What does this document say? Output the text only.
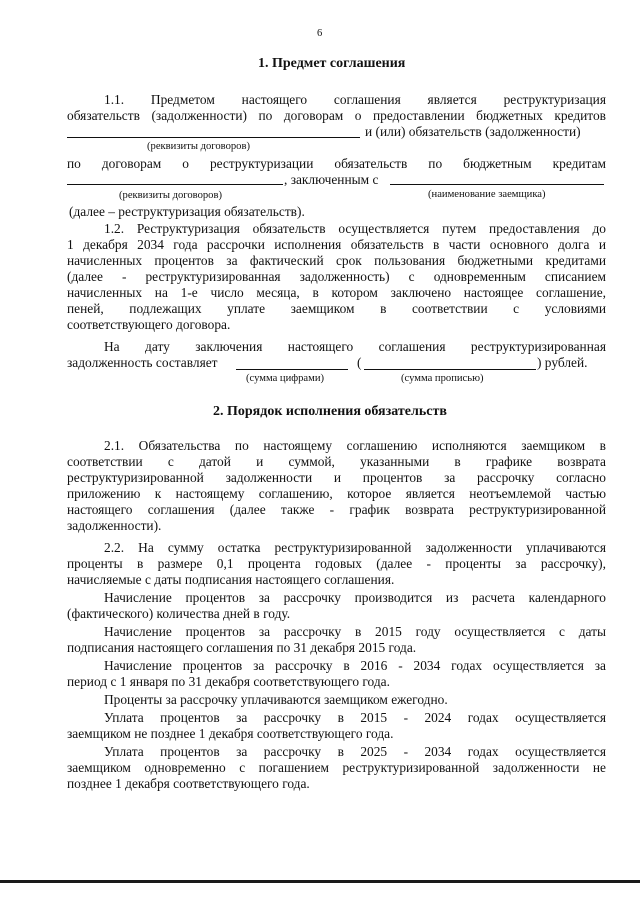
6
1. Предмет соглашения
1.1. Предметом настоящего соглашения является реструктуризация
обязательств (задолженности) по договорам о предоставлении бюджетных кредитов
и (или) обязательств (задолженности)
(реквизиты договоров)
по договорам о реструктуризации обязательств по бюджетным кредитам
, заключенным с
(реквизиты договоров)	(наименование заемщика)
(далее – реструктуризация обязательств).
1.2. Реструктуризация обязательств осуществляется путем предоставления до
1 декабря 2034 года рассрочки исполнения обязательств в части основного долга и
начисленных процентов за фактический срок пользования бюджетными кредитами
(далее - реструктуризированная задолженность) с одновременным списанием
начисленных на 1-е число месяца, в котором заключено настоящее соглашение,
пеней, подлежащих уплате заемщиком в соответствии с условиями
соответствующего договора.
На дату заключения настоящего соглашения реструктуризированная
задолженность составляет	(	) рублей.
(сумма цифрами)	(сумма прописью)
2. Порядок исполнения обязательств
2.1. Обязательства по настоящему соглашению исполняются заемщиком в
соответствии с датой и суммой, указанными в графике возврата
реструктуризированной задолженности и процентов за рассрочку согласно
приложению к настоящему соглашению, которое является неотъемлемой частью
настоящего соглашения (далее также - график возврата реструктуризированной
задолженности).
2.2. На сумму остатка реструктуризированной задолженности уплачиваются
проценты в размере 0,1 процента годовых (далее - проценты за рассрочку),
начисляемые с даты подписания настоящего соглашения.
Начисление процентов за рассрочку производится из расчета календарного
(фактического) количества дней в году.
Начисление процентов за рассрочку в 2015 году осуществляется с даты
подписания настоящего соглашения по 31 декабря 2015 года.
Начисление процентов за рассрочку в 2016 - 2034 годах осуществляется за
период с 1 января по 31 декабря соответствующего года.
Проценты за рассрочку уплачиваются заемщиком ежегодно.
Уплата процентов за рассрочку в 2015 - 2024 годах осуществляется
заемщиком не позднее 1 декабря соответствующего года.
Уплата процентов за рассрочку в 2025 - 2034 годах осуществляется
заемщиком одновременно с погашением реструктуризированной задолженности не
позднее 1 декабря соответствующего года.
